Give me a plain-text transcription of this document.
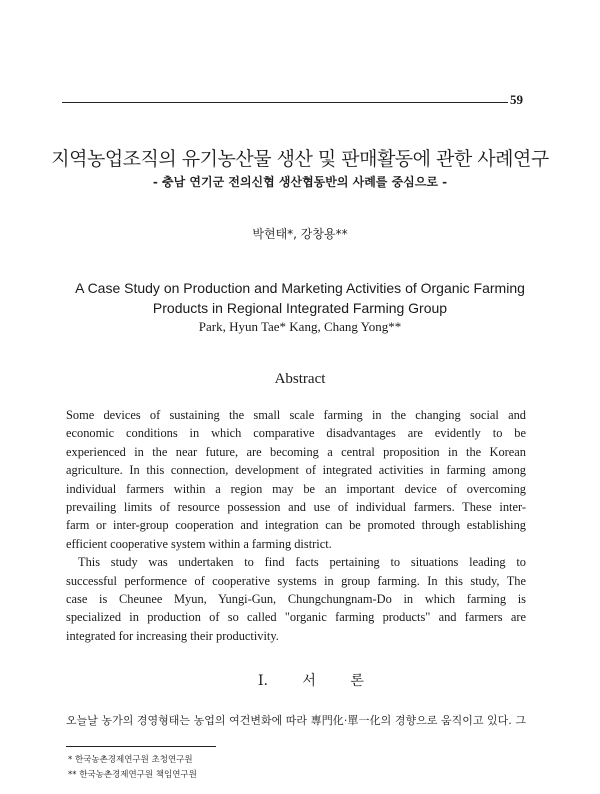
59
지역농업조직의 유기농산물 생산 및 판매활동에 관한 사례연구
- 충남 연기군 전의신협 생산협동반의 사례를 중심으로 -
박현태*, 강창용**
A Case Study on Production and Marketing Activities of Organic Farming
Products in Regional Integrated Farming Group
Park, Hyun Tae* Kang, Chang Yong**
Abstract
Some devices of sustaining the small scale farming in the changing social and
economic conditions in which comparative disadvantages are evidently to be
experienced in the near future, are becoming a central proposition in the Korean
agriculture. In this connection, development of integrated activities in farming among
individual farmers within a region may be an important device of overcoming
prevailing limits of resource possession and use of individual farmers. These inter-
farm or inter-group cooperation and integration can be promoted through establishing
efficient cooperative system within a farming district.
This study was undertaken to find facts pertaining to situations leading to
successful performence of cooperative systems in group farming. In this study, The
case is Cheunee Myun, Yungi-Gun, Chungchungnam-Do in which farming is
specialized in production of so called "organic farming products" and farmers are
integrated for increasing their productivity.
Ⅰ. 서 론
오늘날 농가의 경영형태는 농업의 여건변화에 따라 專門化·單一化의 경향으로 움직이고 있다. 그
* 한국농촌경제연구원 초청연구원
** 한국농촌경제연구원 책임연구원
